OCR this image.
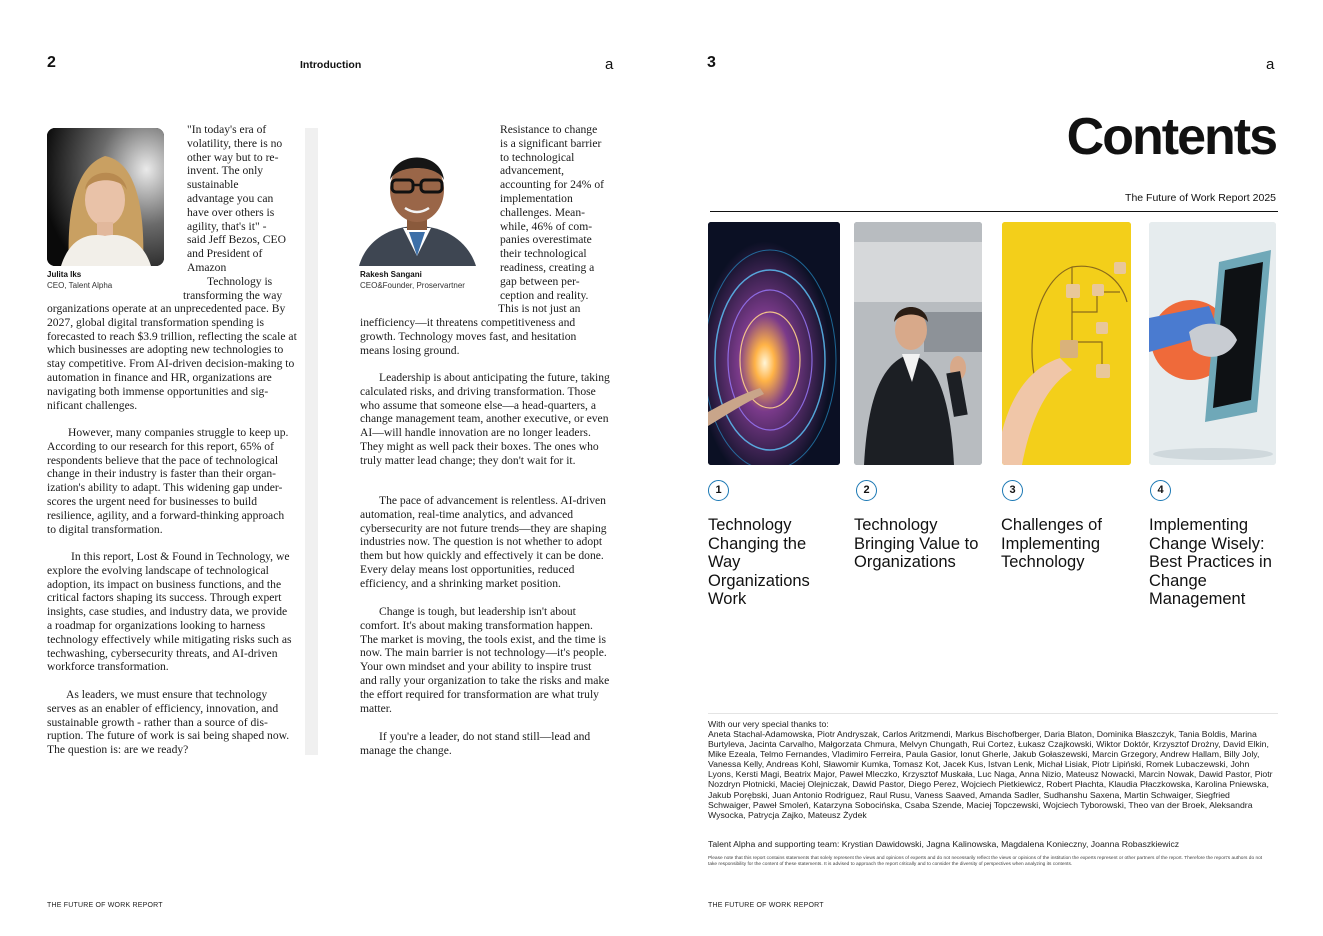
2	Introduction	a
Julita Iks
CEO, Talent Alpha
"In today's era of volatility, there is no other way but to re-invent. The only sustainable advantage you can have over others is agility, that's it" - said Jeff Bezos, CEO and President of Amazon
Technology is transforming the way
organizations operate at an unprecedented pace. By 2027, global digital transformation spending is forecasted to reach $3.9 trillion, reflecting the scale at which businesses are adopting new technologies to stay competitive. From AI-driven decision-making to automation in finance and HR, organizations are navigating both immense opportunities and sig-nificant challenges.
However, many companies struggle to keep up. According to our research for this report, 65% of respondents believe that the pace of technological change in their industry is faster than their organ-ization's ability to adapt. This widening gap under-scores the urgent need for businesses to build resilience, agility, and a forward-thinking approach to digital transformation.
In this report, Lost & Found in Technology, we explore the evolving landscape of technological adoption, its impact on business functions, and the critical factors shaping its success. Through expert insights, case studies, and industry data, we provide a roadmap for organizations looking to harness technology effectively while mitigating risks such as techwashing, cybersecurity threats, and AI-driven workforce transformation.
As leaders, we must ensure that technology serves as an enabler of efficiency, innovation, and sustainable growth - rather than a source of dis-ruption. The future of work is sai being shaped now. The question is: are we ready?
Rakesh Sangani
CEO&Founder, Proservartner
Resistance to change is a significant barrier to technological advancement, accounting for 24% of implementation challenges. Mean-while, 46% of com-panies overestimate their technological readiness, creating a gap between per-ception and reality.
This is not just an
inefficiency—it threatens competitiveness and growth. Technology moves fast, and hesitation means losing ground.
Leadership is about anticipating the future, taking calculated risks, and driving transformation. Those who assume that someone else—a head-quarters, a change management team, another executive, or even AI—will handle innovation are no longer leaders. They might as well pack their boxes. The ones who truly matter lead change; they don't wait for it.
The pace of advancement is relentless. AI-driven automation, real-time analytics, and advanced cybersecurity are not future trends—they are shaping industries now. The question is not whether to adopt them but how quickly and effectively it can be done. Every delay means lost opportunities, reduced efficiency, and a shrinking market position.
Change is tough, but leadership isn't about comfort. It's about making transformation happen. The market is moving, the tools exist, and the time is now. The main barrier is not technology—it's people. Your own mindset and your ability to inspire trust and rally your organization to take the risks and make the effort required for transformation are what truly matter.
If you're a leader, do not stand still—lead and manage the change.
THE FUTURE OF WORK REPORT
3	a
Contents
The Future of Work Report 2025
1
Technology Changing the Way Organizations Work
2
Technology Bringing Value to Organizations
3
Challenges of Implementing Technology
4
Implementing Change Wisely: Best Practices in Change Management
With our very special thanks to:
Aneta Stachal-Adamowska, Piotr Andryszak, Carlos Aritzmendi, Markus Bischofberger, Daria Blaton, Dominika Błaszczyk, Tania Boldis, Marina Burtyleva, Jacinta Carvalho, Małgorzata Chmura, Melvyn Chungath, Rui Cortez, Łukasz Czajkowski, Wiktor Doktór, Krzysztof Drożny, David Elkin, Mike Ezeala, Telmo Fernandes, Vladimiro Ferreira, Paula Gasior, Ionut Gherle, Jakub Gołaszewski, Marcin Grzegory, Andrew Hallam, Billy Joly, Vanessa Kelly, Andreas Kohl, Sławomir Kumka, Tomasz Kot, Jacek Kus, Istvan Lenk, Michał Lisiak, Piotr Lipiński, Romek Lubaczewski, John Lyons, Kersti Magi, Beatrix Major, Paweł Mleczko, Krzysztof Muskała, Luc Naga, Anna Nizio, Mateusz Nowacki, Marcin Nowak, Dawid Pastor, Piotr Nozdryn Płotnicki, Maciej Olejniczak, Dawid Pastor, Diego Perez, Wojciech Pietkiewicz, Robert Płachta, Klaudia Płaczkowska, Karolina Pniewska, Jakub Porębski, Juan Antonio Rodriguez, Raul Rusu, Vaness Saaved, Amanda Sadler, Sudhanshu Saxena, Martin Schwaiger, Siegfried Schwaiger, Paweł Smoleń, Katarzyna Sobocińska, Csaba Szende, Maciej Topczewski, Wojciech Tyborowski, Theo van der Broek, Aleksandra Wysocka, Patrycja Zajko, Mateusz Żydek
Talent Alpha and supporting team: Krystian Dawidowski, Jagna Kalinowska, Magdalena Konieczny, Joanna Robaszkiewicz
Please note that this report contains statements that solely represent the views and opinions of experts and do not necessarily reflect the views or opinions of the institution the experts represent or other partners of the report. Therefore the report's authors do not take responsibility for the content of these statements. It is advised to approach the report critically and to consider the diversity of perspectives when analyzing its contents.
THE FUTURE OF WORK REPORT
